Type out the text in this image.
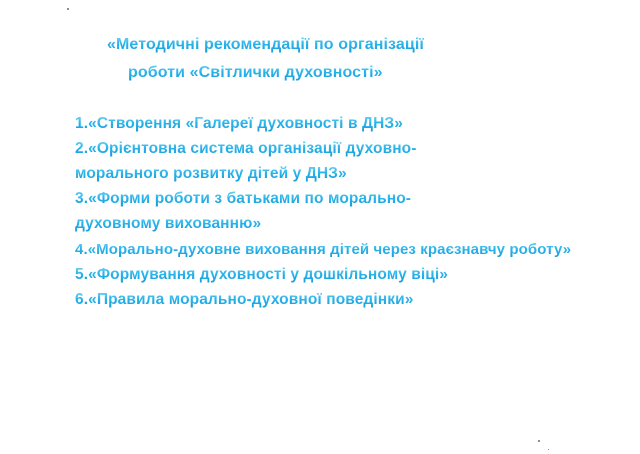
«Методичні рекомендації по організації

роботи «Світлички духовності»

1.«Створення «Галереї духовності в ДНЗ»

2.«Орієнтовна система організації духовно-

морального розвитку дітей у ДНЗ»

3.«Форми роботи з батьками по морально-

духовному вихованню»

4.«Морально-духовне виховання дітей через краєзнавчу роботу»

5.«Формування духовності у дошкільному віці»

6.«Правила морально-духовної поведінки»
